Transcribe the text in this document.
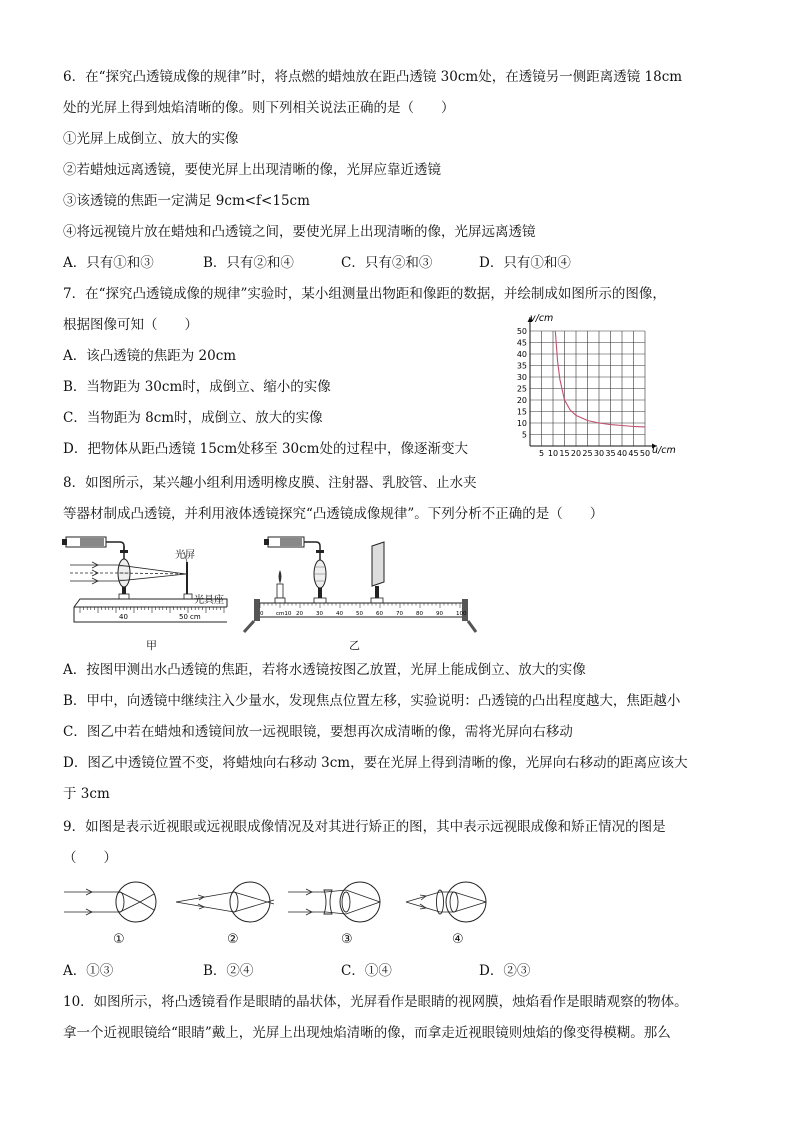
6．在“探究凸透镜成像的规律”时，将点燃的蜡烛放在距凸透镜 30cm处，在透镜另一侧距离透镜 18cm
处的光屏上得到烛焰清晰的像。则下列相关说法正确的是（　　）
①光屏上成倒立、放大的实像
②若蜡烛远离透镜，要使光屏上出现清晰的像，光屏应靠近透镜
③该透镜的焦距一定满足 9cm<f<15cm
④将远视镜片放在蜡烛和凸透镜之间，要使光屏上出现清晰的像，光屏远离透镜
A．只有①和③	B．只有②和④	C．只有②和③	D．只有①和④
7．在“探究凸透镜成像的规律”实验时，某小组测量出物距和像距的数据，并绘制成如图所示的图像，
根据图像可知（　　）
A．该凸透镜的焦距为 20cm
B．当物距为 30cm时，成倒立、缩小的实像
C．当物距为 8cm时，成倒立、放大的实像
D．把物体从距凸透镜 15cm处移至 30cm处的过程中，像逐渐变大	5 10 15 20 25 30 35 40 45 50
5
10
15
20
25
30
35
40
45
50
v/cm
u/cm
8．如图所示，某兴趣小组利用透明橡皮膜、注射器、乳胶管、止水夹
等器材制成凸透镜，并利用液体透镜探究“凸透镜成像规律”。下列分析不正确的是（　　）
40	50 cm
光屏
光具座
甲
0 cm10 20 30 40 50 60 70 80 90 100
乙
A．按图甲测出水凸透镜的焦距，若将水透镜按图乙放置，光屏上能成倒立、放大的实像
B．甲中，向透镜中继续注入少量水，发现焦点位置左移，实验说明：凸透镜的凸出程度越大，焦距越小
C．图乙中若在蜡烛和透镜间放一远视眼镜，要想再次成清晰的像，需将光屏向右移动
D．图乙中透镜位置不变，将蜡烛向右移动 3cm，要在光屏上得到清晰的像，光屏向右移动的距离应该大
于 3cm
9．如图是表示近视眼或远视眼成像情况及对其进行矫正的图，其中表示远视眼成像和矫正情况的图是
（　　）
①	②	③	④
A．①③	B．②④	C．①④	D．②③
10．如图所示，将凸透镜看作是眼睛的晶状体，光屏看作是眼睛的视网膜，烛焰看作是眼睛观察的物体。
拿一个近视眼镜给“眼睛”戴上，光屏上出现烛焰清晰的像，而拿走近视眼镜则烛焰的像变得模糊。那么
